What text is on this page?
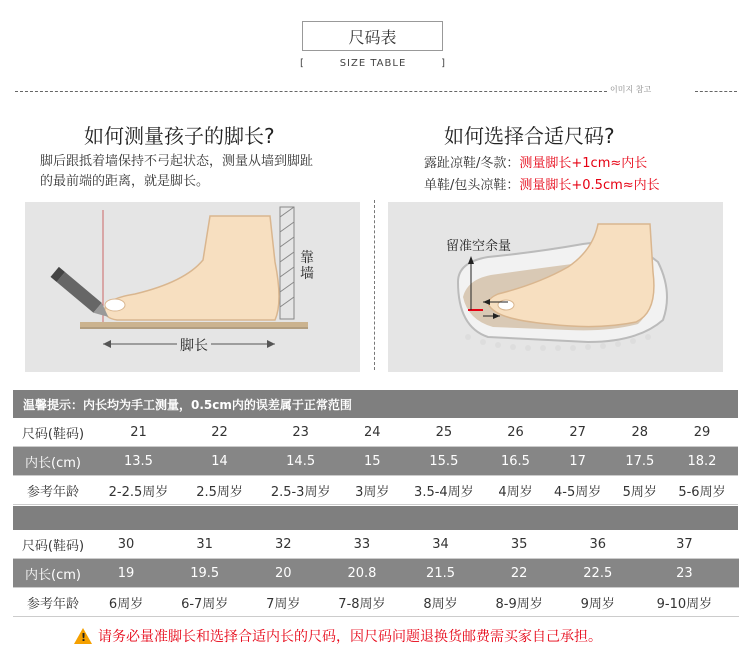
尺码表
[	SIZE TABLE	]
이미지 참고
如何测量孩子的脚长?
脚后跟抵着墙保持不弓起状态，测量从墙到脚趾
的最前端的距离，就是脚长。
如何选择合适尺码?
露趾凉鞋/冬款：测量脚长+1cm≈内长
单鞋/包头凉鞋：测量脚长+0.5cm≈内长
靠墙
脚长
留准空余量
温馨提示：内长均为手工测量，0.5cm内的误差属于正常范围
尺码(鞋码)	21	22	23	24	25	26	27	28	29
内长(cm)	13.5	14	14.5	15	15.5	16.5	17	17.5	18.2
参考年龄	2-2.5周岁	2.5周岁	2.5-3周岁	3周岁	3.5-4周岁	4周岁	4-5周岁	5周岁	5-6周岁
尺码(鞋码)	30	31	32	33	34	35	36	37	
内长(cm)	19	19.5	20	20.8	21.5	22	22.5	23	
参考年龄	6周岁	6-7周岁	7周岁	7-8周岁	8周岁	8-9周岁	9周岁	9-10周岁	
! 请务必量准脚长和选择合适内长的尺码，因尺码问题退换货邮费需买家自己承担。
